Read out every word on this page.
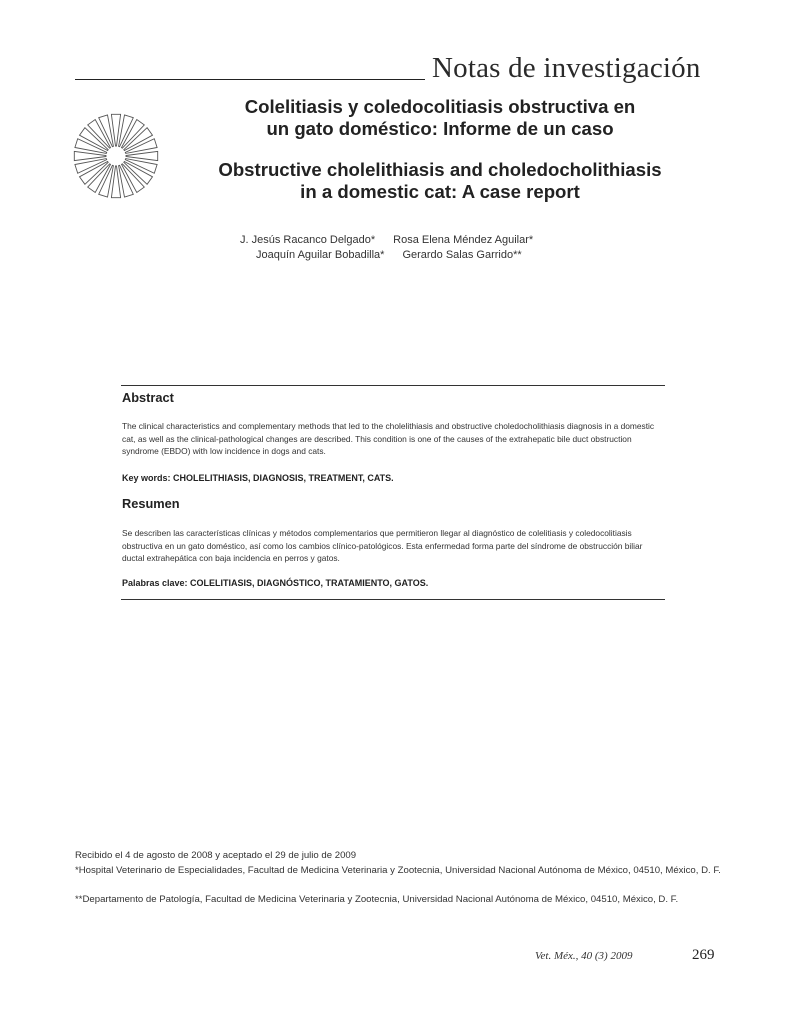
Notas de investigación
Colelitiasis y coledocolitiasis obstructiva en
un gato doméstico: Informe de un caso
Obstructive cholelithiasis and choledocholithiasis
in a domestic cat: A case report
J. Jesús Racanco Delgado* Rosa Elena Méndez Aguilar*
Joaquín Aguilar Bobadilla* Gerardo Salas Garrido**
Abstract
The clinical characteristics and complementary methods that led to the cholelithiasis and obstructive choledocholithiasis diagnosis in a domestic cat, as well as the clinical-pathological changes are described. This condition is one of the causes of the extrahepatic bile duct obstruction syndrome (EBDO) with low incidence in dogs and cats.
Key words: CHOLELITHIASIS, DIAGNOSIS, TREATMENT, CATS.
Resumen
Se describen las características clínicas y métodos complementarios que permitieron llegar al diagnóstico de colelitiasis y coledocolitiasis obstructiva en un gato doméstico, así como los cambios clínico-patológicos. Esta enfermedad forma parte del síndrome de obstrucción biliar ductal extrahepática con baja incidencia en perros y gatos.
Palabras clave: COLELITIASIS, DIAGNÓSTICO, TRATAMIENTO, GATOS.
Recibido el 4 de agosto de 2008 y aceptado el 29 de julio de 2009
*Hospital Veterinario de Especialidades, Facultad de Medicina Veterinaria y Zootecnia, Universidad Nacional Autónoma de México, 04510, México, D. F.
**Departamento de Patología, Facultad de Medicina Veterinaria y Zootecnia, Universidad Nacional Autónoma de México, 04510, México, D. F.
Vet. Méx., 40 (3) 2009	269
